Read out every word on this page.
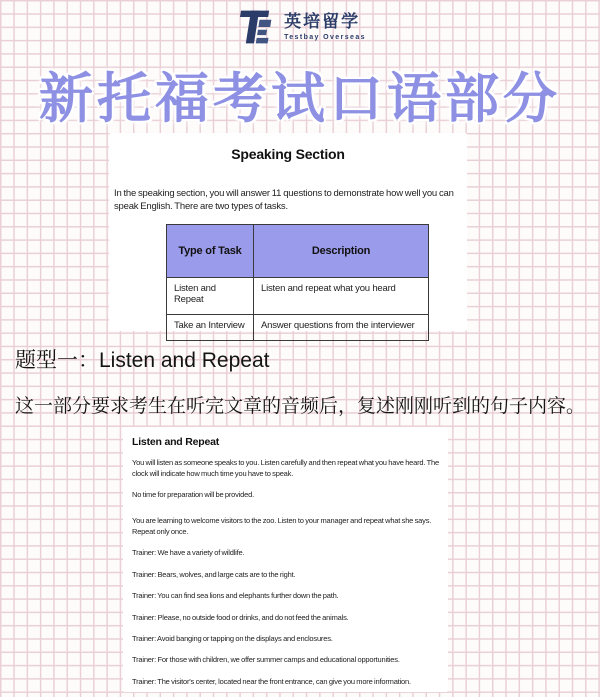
英培留学
Testbay Overseas
新托福考试口语部分
Speaking Section

In the speaking section, you will answer 11 questions to demonstrate how well you can speak English. There are two types of tasks.

Type of Task	Description
Listen and Repeat	Listen and repeat what you heard
Take an Interview	Answer questions from the interviewer
题型一：Listen and Repeat

这一部分要求考生在听完文章的音频后，复述刚刚听到的句子内容。

Listen and Repeat

You will listen as someone speaks to you. Listen carefully and then repeat what you have heard. The clock will indicate how much time you have to speak.

No time for preparation will be provided.

You are learning to welcome visitors to the zoo. Listen to your manager and repeat what she says. Repeat only once.

Trainer: We have a variety of wildlife.

Trainer: Bears, wolves, and large cats are to the right.

Trainer: You can find sea lions and elephants further down the path.

Trainer: Please, no outside food or drinks, and do not feed the animals.

Trainer: Avoid banging or tapping on the displays and enclosures.

Trainer: For those with children, we offer summer camps and educational opportunities.

Trainer: The visitor's center, located near the front entrance, can give you more information.
